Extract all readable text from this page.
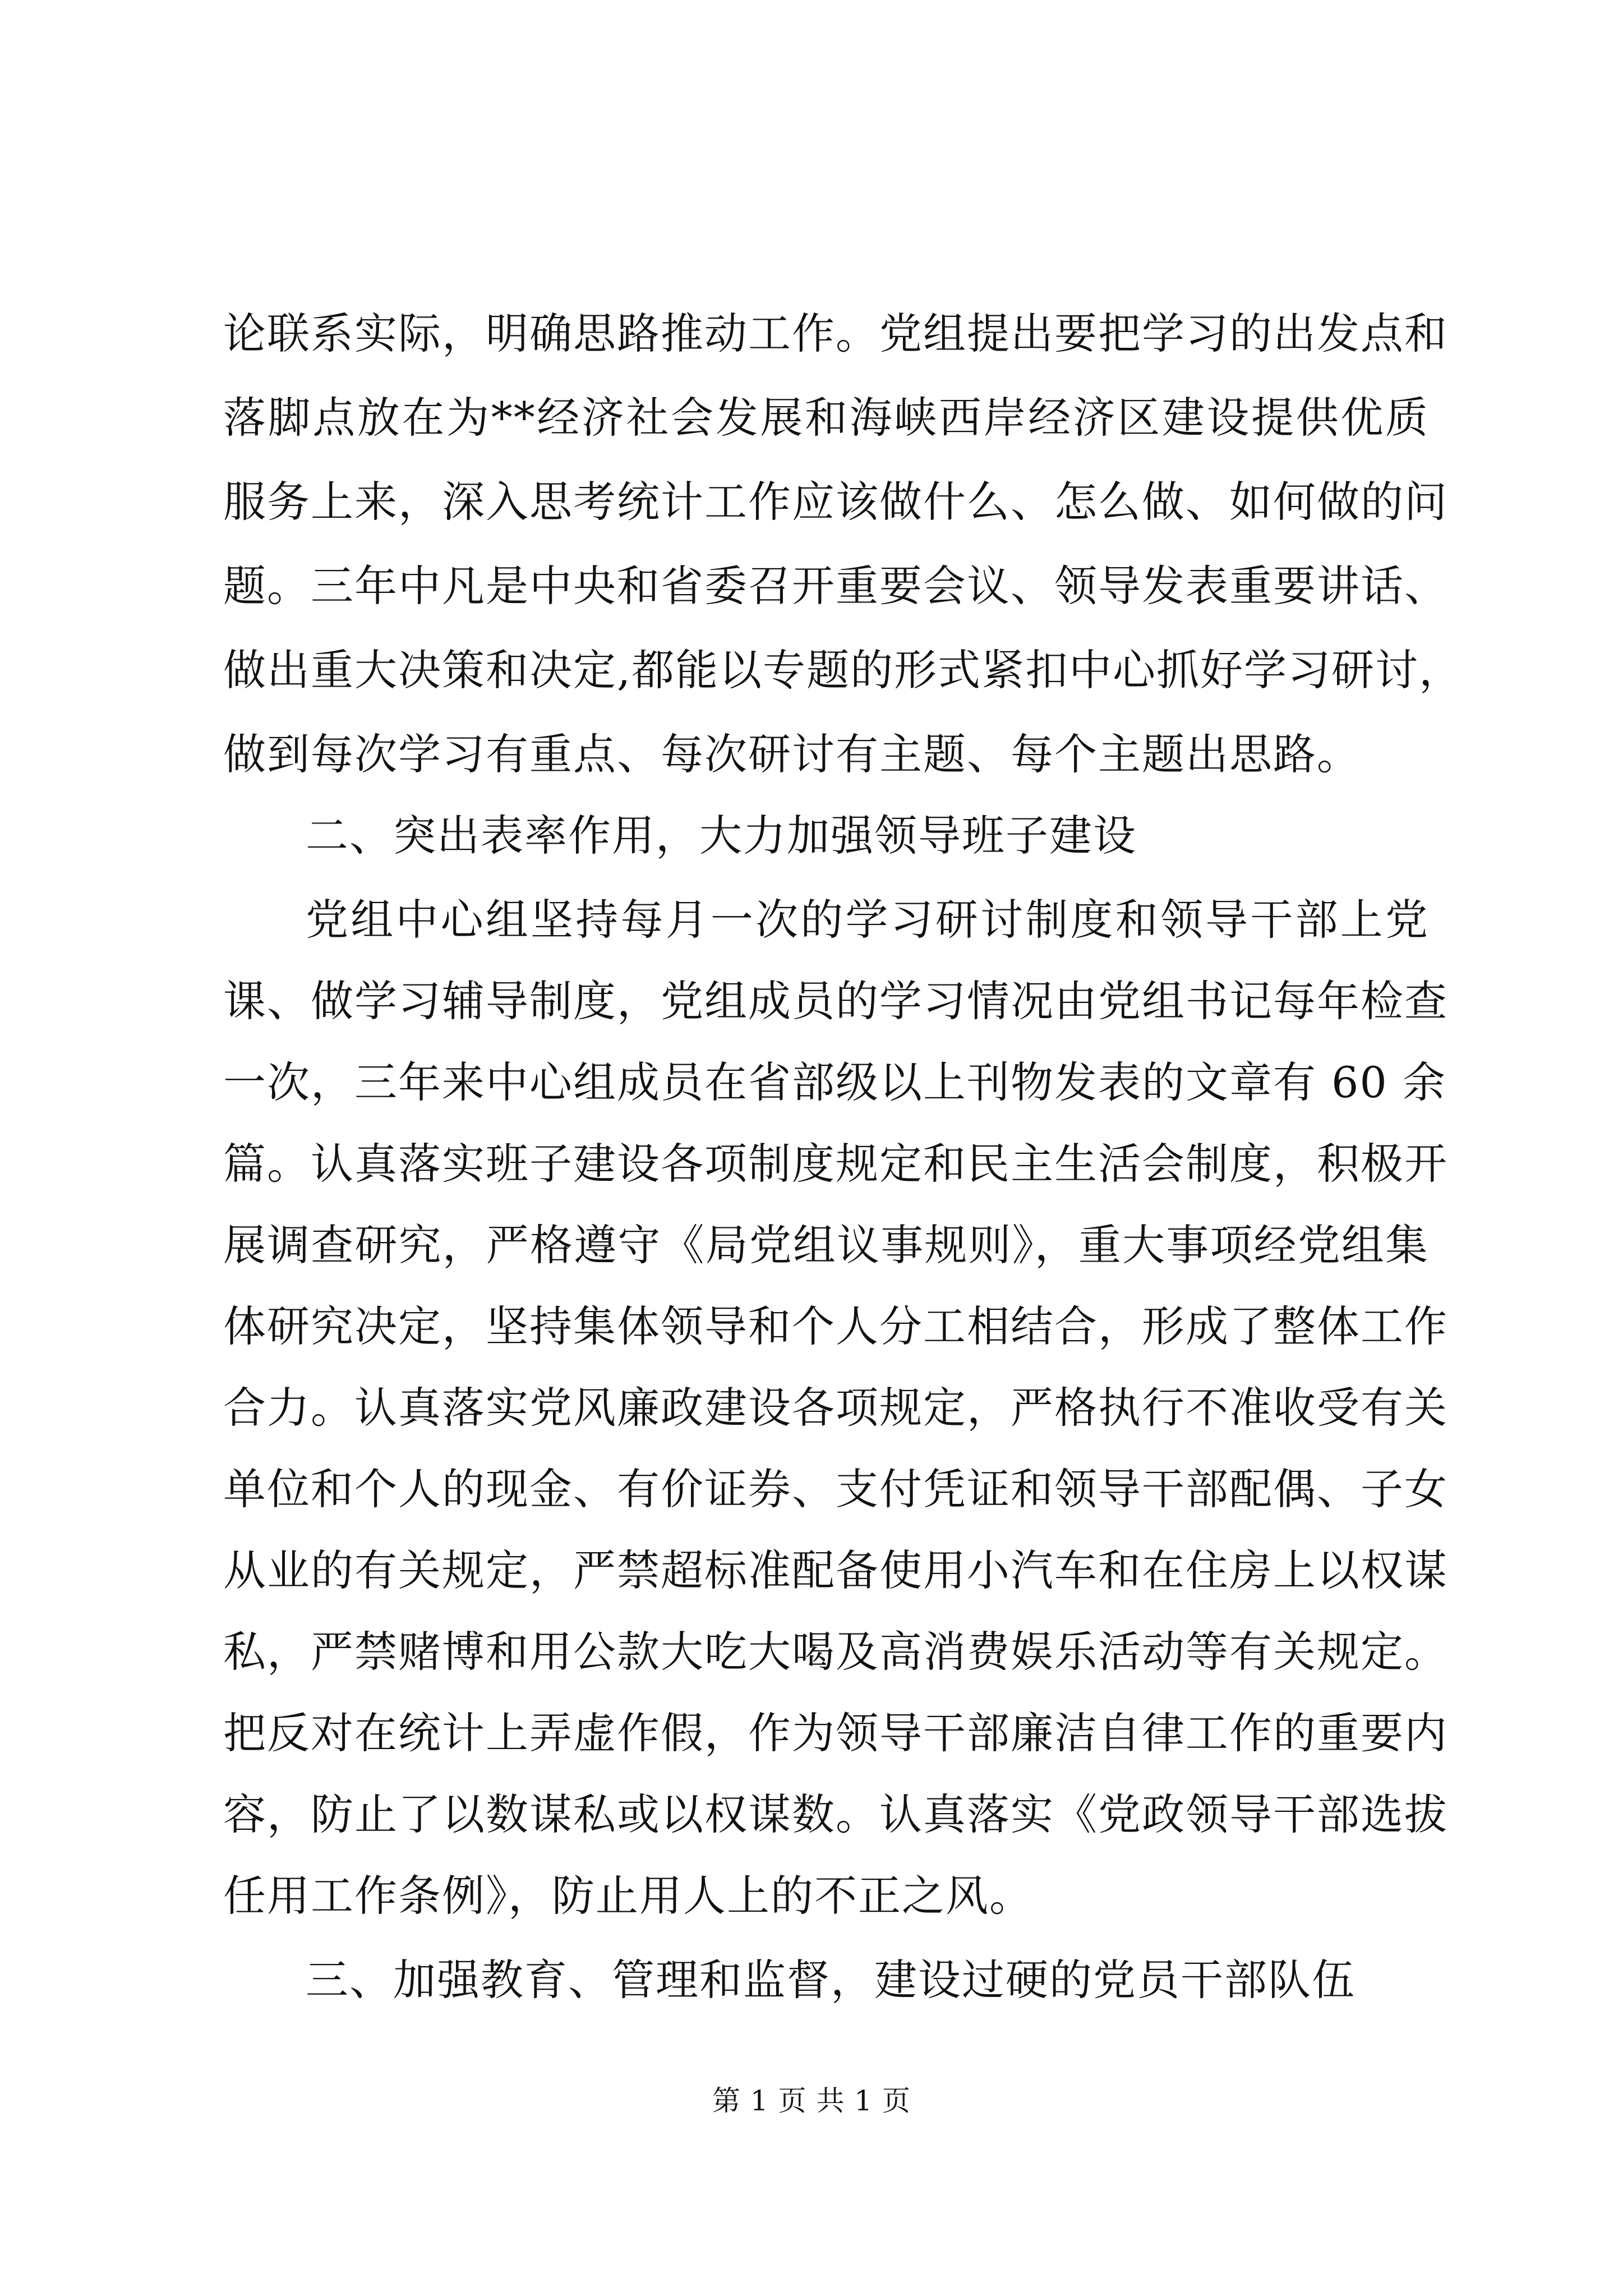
论联系实际，明确思路推动工作。党组提出要把学习的出发点和
落脚点放在为**经济社会发展和海峡西岸经济区建设提供优质
服务上来，深入思考统计工作应该做什么、怎么做、如何做的问
题。三年中凡是中央和省委召开重要会议、领导发表重要讲话、
做出重大决策和决定,都能以专题的形式紧扣中心抓好学习研讨，
做到每次学习有重点、每次研讨有主题、每个主题出思路。
二、突出表率作用，大力加强领导班子建设
党组中心组坚持每月一次的学习研讨制度和领导干部上党
课、做学习辅导制度，党组成员的学习情况由党组书记每年检查
一次，三年来中心组成员在省部级以上刊物发表的文章有 60 余
篇。认真落实班子建设各项制度规定和民主生活会制度，积极开
展调查研究，严格遵守《局党组议事规则》，重大事项经党组集
体研究决定，坚持集体领导和个人分工相结合，形成了整体工作
合力。认真落实党风廉政建设各项规定，严格执行不准收受有关
单位和个人的现金、有价证券、支付凭证和领导干部配偶、子女
从业的有关规定，严禁超标准配备使用小汽车和在住房上以权谋
私，严禁赌博和用公款大吃大喝及高消费娱乐活动等有关规定。
把反对在统计上弄虚作假，作为领导干部廉洁自律工作的重要内
容，防止了以数谋私或以权谋数。认真落实《党政领导干部选拔
任用工作条例》，防止用人上的不正之风。
三、加强教育、管理和监督，建设过硬的党员干部队伍
第 1 页 共 1 页
